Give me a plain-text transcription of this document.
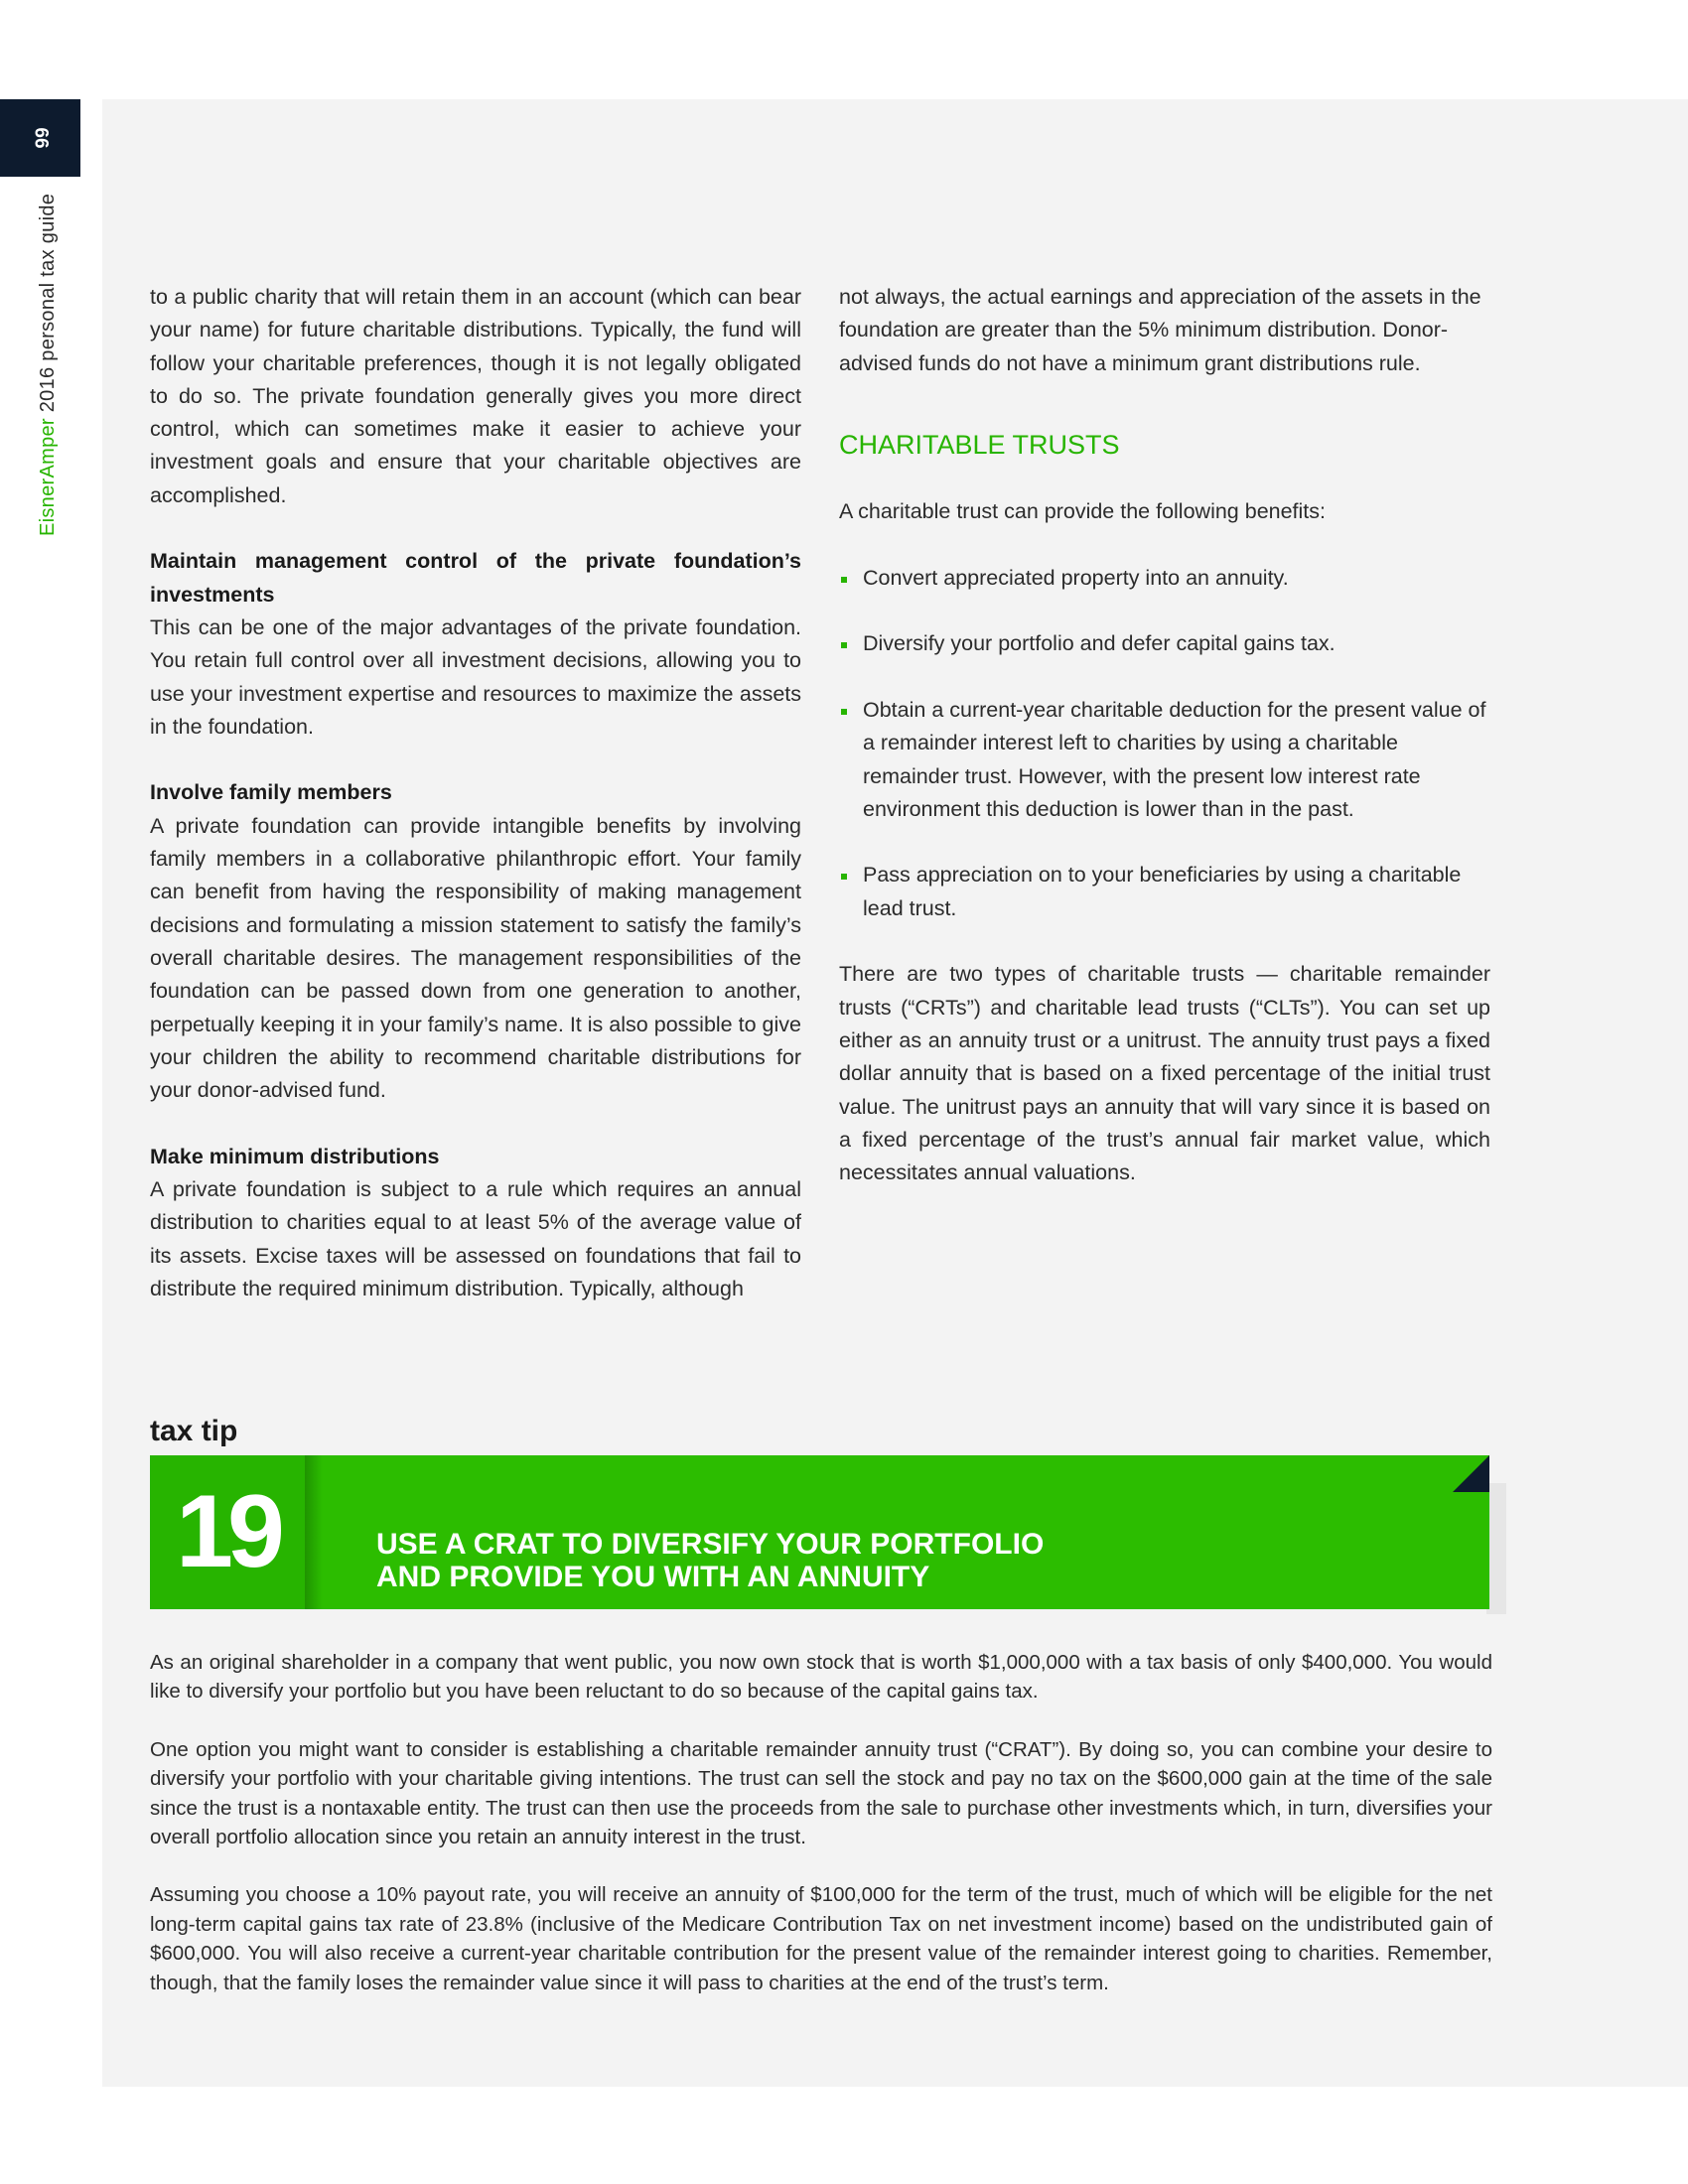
66
EisnerAmper 2016 personal tax guide	to a public charity that will retain them in an account (which can bear your name) for future charitable distributions. Typically, the fund will follow your charitable preferences, though it is not legally obligated to do so. The private foundation generally gives you more direct control, which can sometimes make it easier to achieve your investment goals and ensure that your charitable objectives are accomplished.

Maintain management control of the private foundation’s investments

This can be one of the major advantages of the private foundation. You retain full control over all investment decisions, allowing you to use your investment expertise and resources to maximize the assets in the foundation.

Involve family members

A private foundation can provide intangible benefits by involving family members in a collaborative philanthropic effort. Your family can benefit from having the responsibility of making management decisions and formulating a mission statement to satisfy the family’s overall charitable desires. The management responsibilities of the foundation can be passed down from one generation to another, perpetually keeping it in your family’s name. It is also possible to give your children the ability to recommend charitable distributions for your donor-advised fund.

Make minimum distributions

A private foundation is subject to a rule which requires an annual distribution to charities equal to at least 5% of the average value of its assets. Excise taxes will be assessed on foundations that fail to distribute the required minimum distribution. Typically, although

not always, the actual earnings and appreciation of the assets in the foundation are greater than the 5% minimum distribution. Donor-advised funds do not have a minimum grant distributions rule.

CHARITABLE TRUSTS

A charitable trust can provide the following benefits:

Convert appreciated property into an annuity.

Diversify your portfolio and defer capital gains tax.

Obtain a current-year charitable deduction for the present value of a remainder interest left to charities by using a charitable remainder trust. However, with the present low interest rate environment this deduction is lower than in the past.

Pass appreciation on to your beneficiaries by using a charitable lead trust.

There are two types of charitable trusts — charitable remainder trusts (“CRTs”) and charitable lead trusts (“CLTs”). You can set up either as an annuity trust or a unitrust. The annuity trust pays a fixed dollar annuity that is based on a fixed percentage of the initial trust value. The unitrust pays an annuity that will vary since it is based on a fixed percentage of the trust’s annual fair market value, which necessitates annual valuations.

tax tip
19	USE A CRAT TO DIVERSIFY YOUR PORTFOLIO
AND PROVIDE YOU WITH AN ANNUITY

As an original shareholder in a company that went public, you now own stock that is worth $1,000,000 with a tax basis of only $400,000. You would like to diversify your portfolio but you have been reluctant to do so because of the capital gains tax.

One option you might want to consider is establishing a charitable remainder annuity trust (“CRAT”). By doing so, you can combine your desire to diversify your portfolio with your charitable giving intentions. The trust can sell the stock and pay no tax on the $600,000 gain at the time of the sale since the trust is a nontaxable entity. The trust can then use the proceeds from the sale to purchase other investments which, in turn, diversifies your overall portfolio allocation since you retain an annuity interest in the trust.

Assuming you choose a 10% payout rate, you will receive an annuity of $100,000 for the term of the trust, much of which will be eligible for the net long-term capital gains tax rate of 23.8% (inclusive of the Medicare Contribution Tax on net investment income) based on the undistributed gain of $600,000. You will also receive a current-year charitable contribution for the present value of the remainder interest going to charities. Remember, though, that the family loses the remainder value since it will pass to charities at the end of the trust’s term.
